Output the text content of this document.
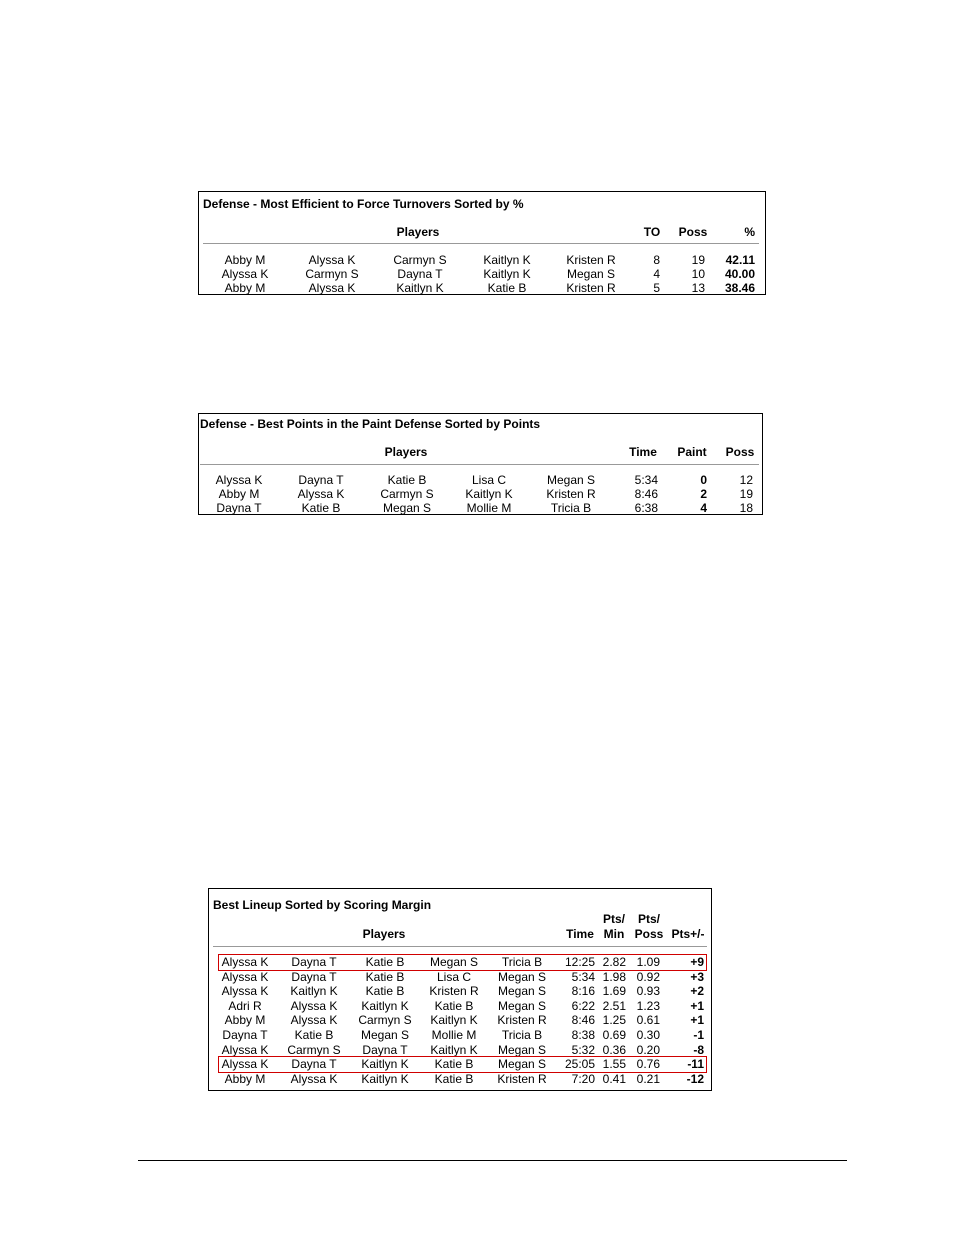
Defense - Most Efficient to Force Turnovers Sorted by %
Players	TO Poss	%
Abby M	Alyssa K	Carmyn S	Kaitlyn K	Kristen R	8	19 42.11
Alyssa K	Carmyn S	Dayna T	Kaitlyn K	Megan S	4	10 40.00
Abby M	Alyssa K	Kaitlyn K	Katie B	Kristen R	5	13 38.46
Defense - Best Points in the Paint Defense Sorted by Points
Players	Time Paint Poss
Alyssa K	Dayna T	Katie B	Lisa C	Megan S	5:34	0	12
Abby M	Alyssa K	Carmyn S	Kaitlyn K	Kristen R	8:46	2	19
Dayna T	Katie B	Megan S	Mollie M	Tricia B	6:38	4	18
Best Lineup Sorted by Scoring Margin
Pts/ Pts/
Players	Time Min Poss Pts+/-
Alyssa K Dayna T Katie B Megan S Tricia B 12:25 2.82 1.09	+9
Alyssa K Dayna T Katie B	Lisa C Megan S 5:34 1.98 0.92	+3
Alyssa K Kaitlyn K Katie B Kristen R Megan S 8:16 1.69 0.93	+2
Adri R Alyssa K Kaitlyn K Katie B Megan S 6:22 2.51 1.23	+1
Abby M Alyssa K Carmyn S Kaitlyn K Kristen R 8:46 1.25 0.61	+1
Dayna T Katie B Megan S Mollie M Tricia B 8:38 0.69 0.30	-1
Alyssa K Carmyn S Dayna T Kaitlyn K Megan S 5:32 0.36 0.20	-8
Alyssa K Dayna T Kaitlyn K Katie B Megan S 25:05 1.55 0.76 -11
Abby M Alyssa K Kaitlyn K Katie B Kristen R 7:20 0.41 0.21 -12
